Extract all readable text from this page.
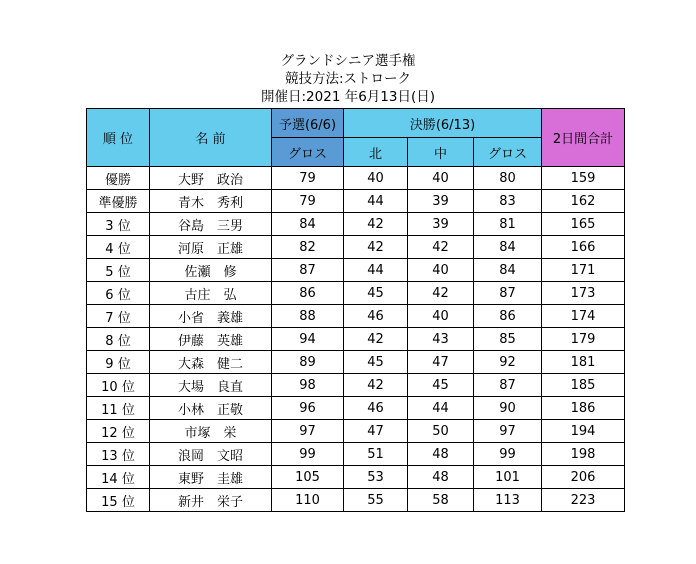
グランドシニア選手権
競技方法:ストローク
開催日:2021 年6月13日(日)
順 位	名 前	予選(6/6)	決勝(6/13)			2日間合計
		グロス	北	中	グロス	
優勝	大野　政治	79	40	40	80	159
準優勝	青木　秀利	79	44	39	83	162
3 位	谷島　三男	84	42	39	81	165
4 位	河原　正雄	82	42	42	84	166
5 位	佐瀬　修	87	44	40	84	171
6 位	古庄　弘	86	45	42	87	173
7 位	小省　義雄	88	46	40	86	174
8 位	伊藤　英雄	94	42	43	85	179
9 位	大森　健二	89	45	47	92	181
10 位	大場　良直	98	42	45	87	185
11 位	小林　正敬	96	46	44	90	186
12 位	市塚　栄	97	47	50	97	194
13 位	浪岡　文昭	99	51	48	99	198
14 位	東野　圭雄	105	53	48	101	206
15 位	新井　栄子	110	55	58	113	223
